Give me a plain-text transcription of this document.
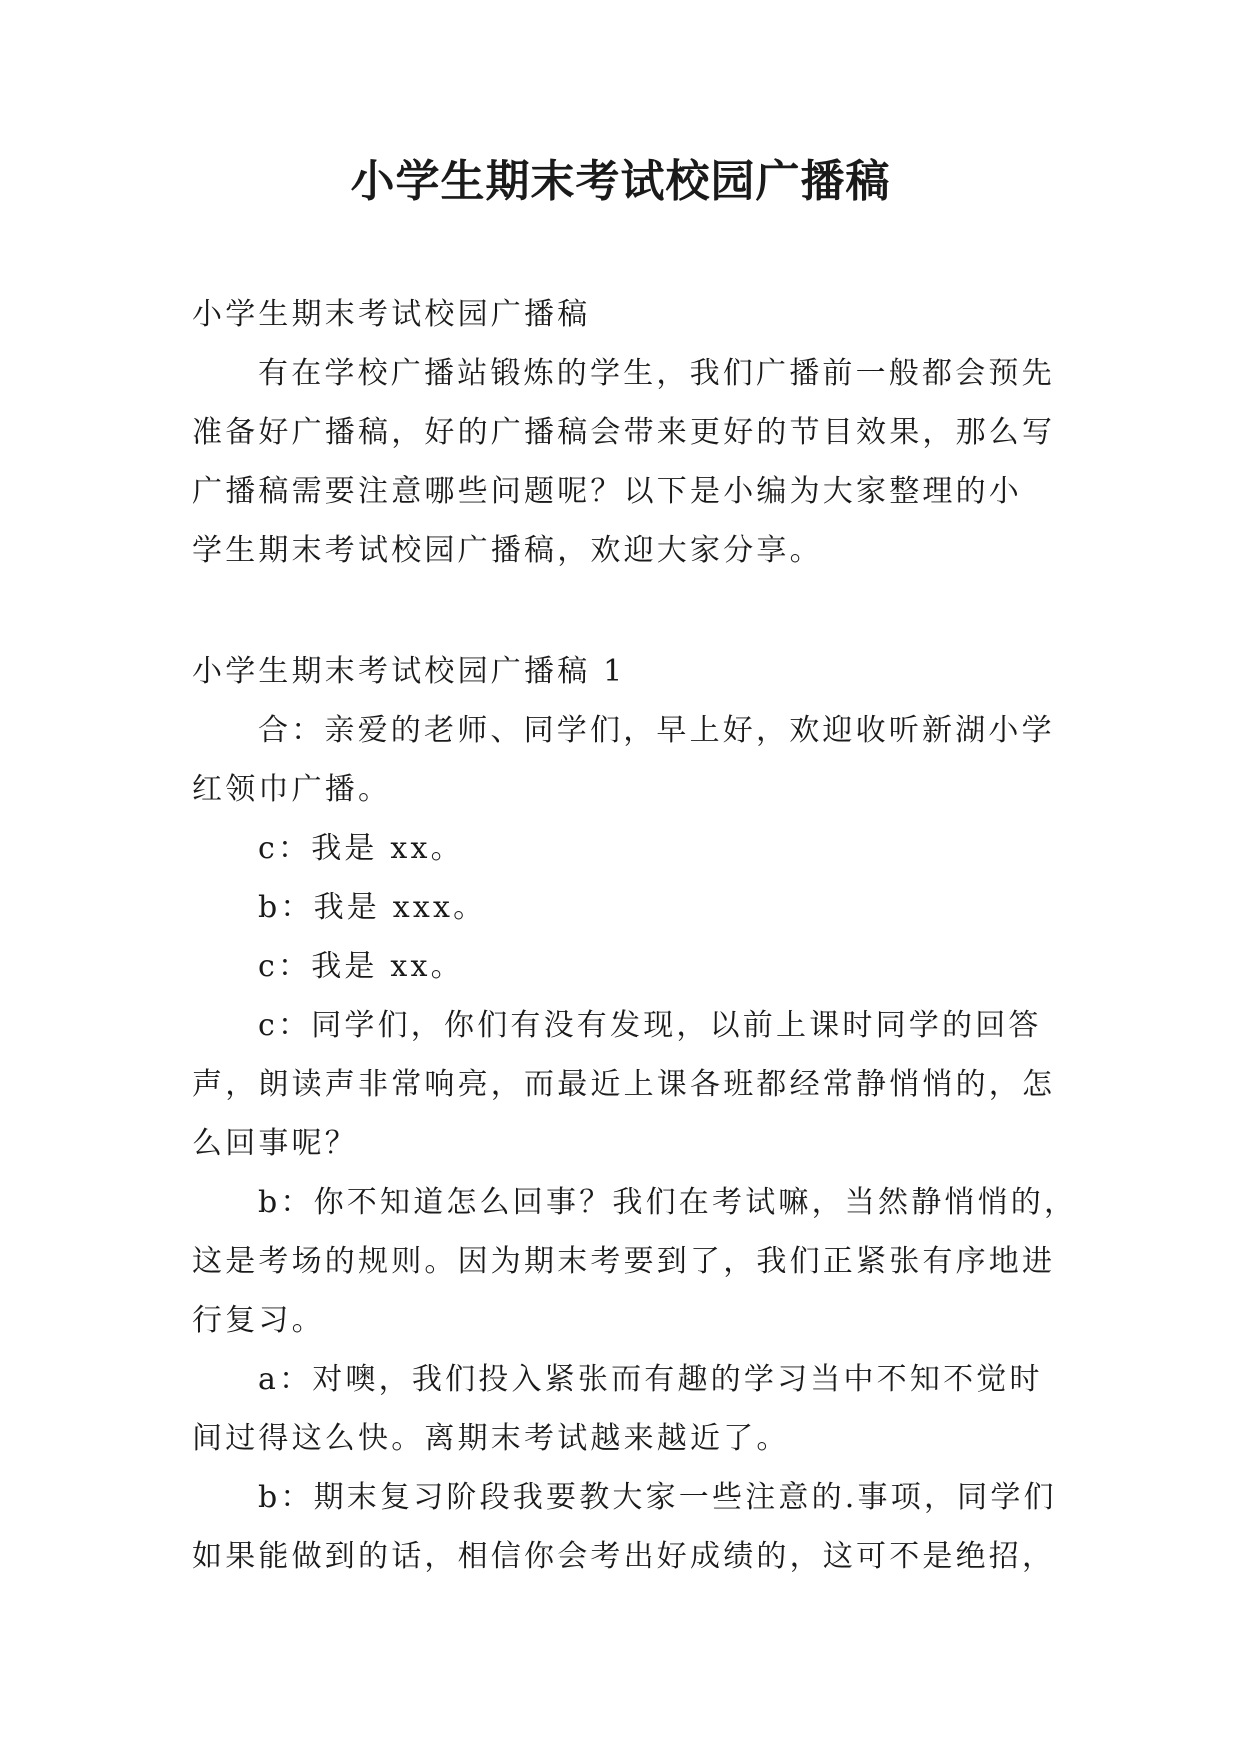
小学生期末考试校园广播稿
小学生期末考试校园广播稿
有在学校广播站锻炼的学生，我们广播前一般都会预先
准备好广播稿，好的广播稿会带来更好的节目效果，那么写
广播稿需要注意哪些问题呢？以下是小编为大家整理的小
学生期末考试校园广播稿，欢迎大家分享。
小学生期末考试校园广播稿 1
合：亲爱的老师、同学们，早上好，欢迎收听新湖小学
红领巾广播。
c：我是 xx。
b：我是 xxx。
c：我是 xx。
c：同学们，你们有没有发现，以前上课时同学的回答
声，朗读声非常响亮，而最近上课各班都经常静悄悄的，怎
么回事呢？
b：你不知道怎么回事？我们在考试嘛，当然静悄悄的，
这是考场的规则。因为期末考要到了，我们正紧张有序地进
行复习。
a：对噢，我们投入紧张而有趣的学习当中不知不觉时
间过得这么快。离期末考试越来越近了。
b：期末复习阶段我要教大家一些注意的.事项，同学们
如果能做到的话，相信你会考出好成绩的，这可不是绝招，
